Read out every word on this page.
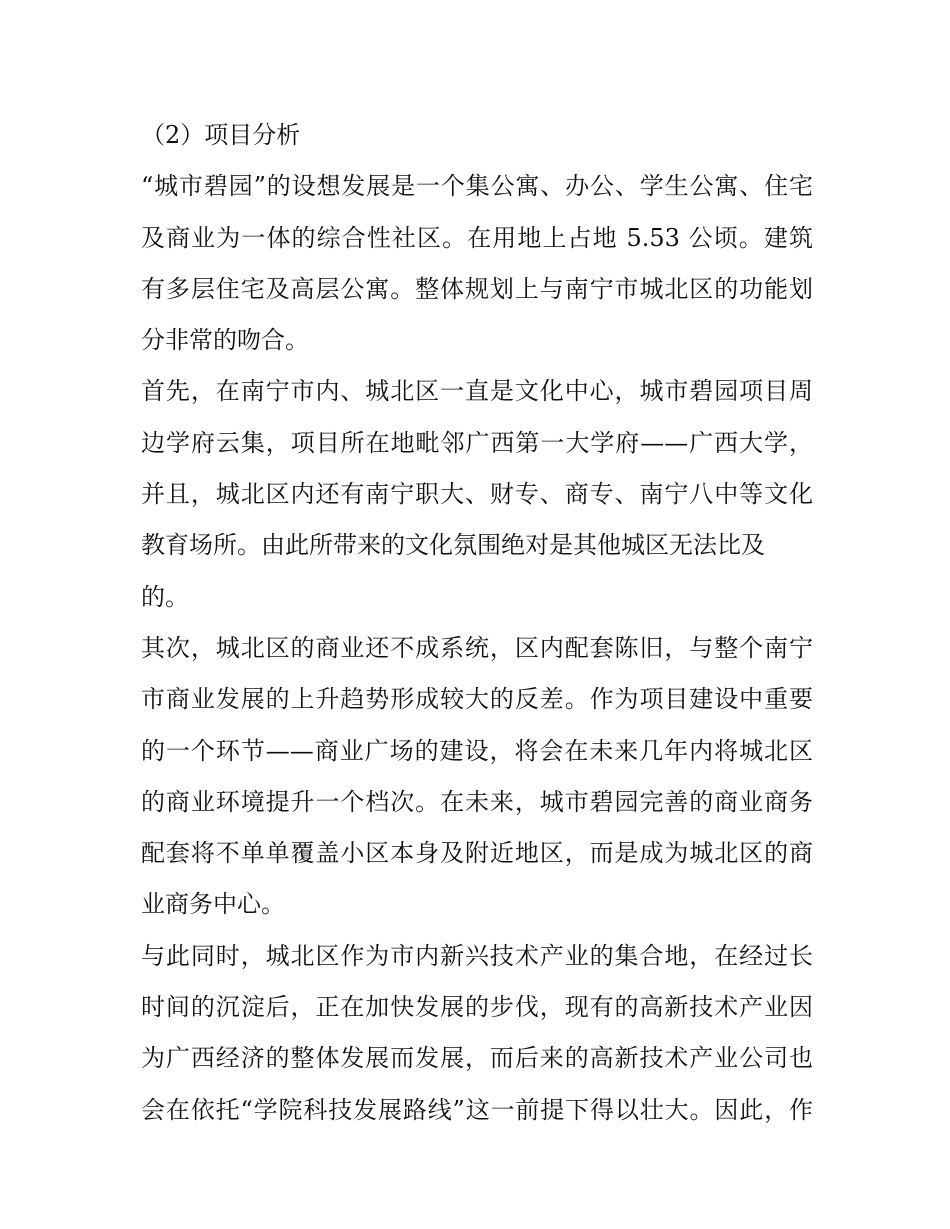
（2）项目分析
“城市碧园”的设想发展是一个集公寓、办公、学生公寓、住宅
及商业为一体的综合性社区。在用地上占地 5.53 公顷。建筑
有多层住宅及高层公寓。整体规划上与南宁市城北区的功能划
分非常的吻合。
首先，在南宁市内、城北区一直是文化中心，城市碧园项目周
边学府云集，项目所在地毗邻广西第一大学府——广西大学，
并且，城北区内还有南宁职大、财专、商专、南宁八中等文化
教育场所。由此所带来的文化氛围绝对是其他城区无法比及
的。
其次，城北区的商业还不成系统，区内配套陈旧，与整个南宁
市商业发展的上升趋势形成较大的反差。作为项目建设中重要
的一个环节——商业广场的建设，将会在未来几年内将城北区
的商业环境提升一个档次。在未来，城市碧园完善的商业商务
配套将不单单覆盖小区本身及附近地区，而是成为城北区的商
业商务中心。
与此同时，城北区作为市内新兴技术产业的集合地，在经过长
时间的沉淀后，正在加快发展的步伐，现有的高新技术产业因
为广西经济的整体发展而发展，而后来的高新技术产业公司也
会在依托“学院科技发展路线”这一前提下得以壮大。因此，作
